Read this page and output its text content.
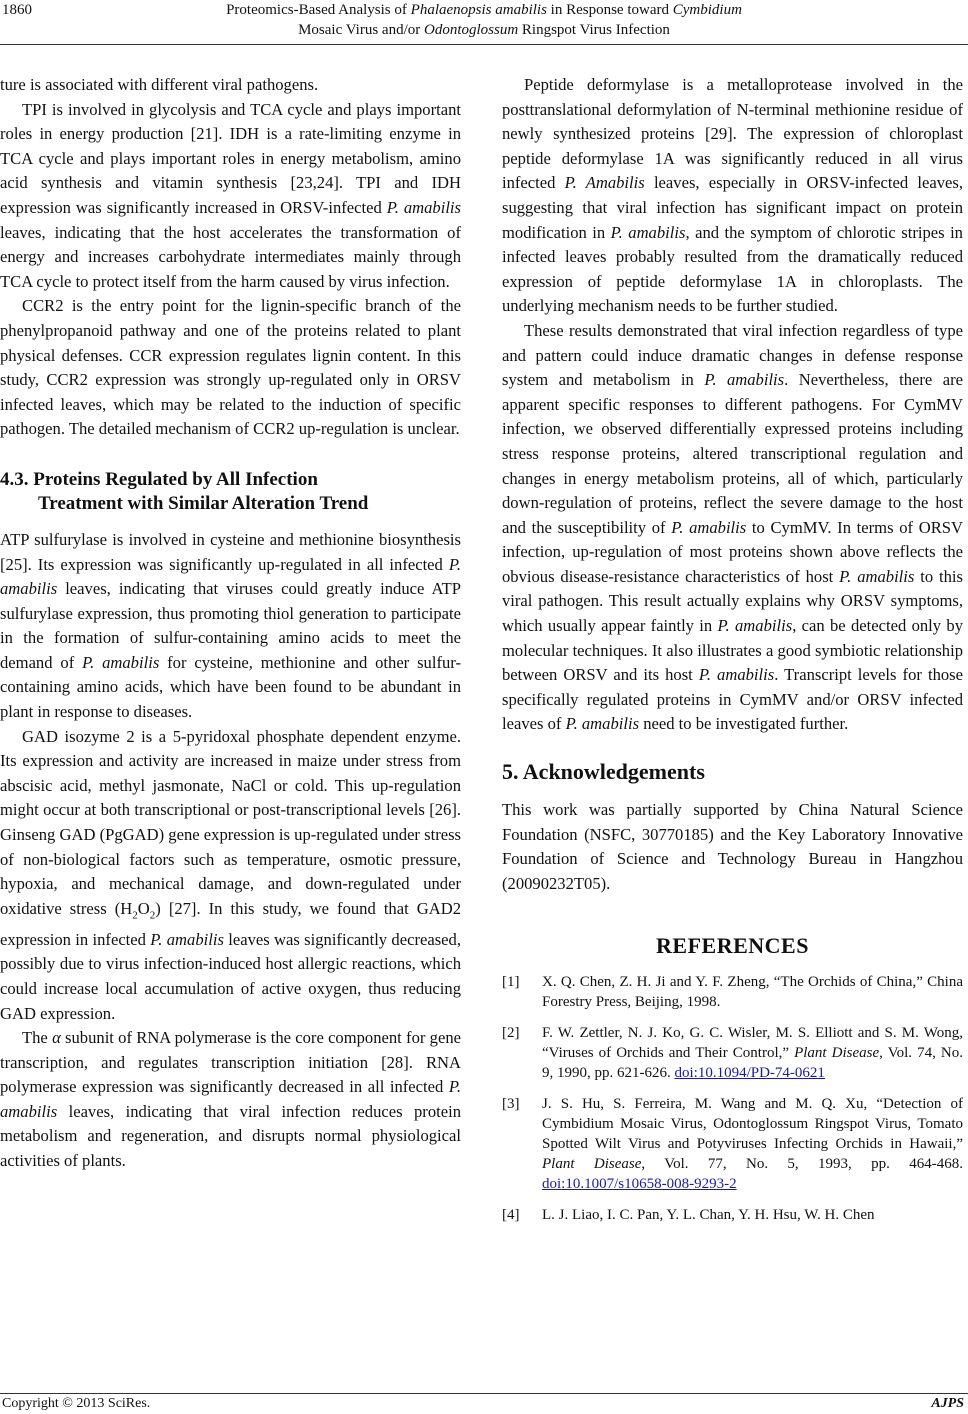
1860	Proteomics-Based Analysis of Phalaenopsis amabilis in Response toward Cymbidium
Mosaic Virus and/or Odontoglossum Ringspot Virus Infection

ture is associated with different viral pathogens.

TPI is involved in glycolysis and TCA cycle and plays important roles in energy production [21]. IDH is a rate-limiting enzyme in TCA cycle and plays important roles in energy metabolism, amino acid synthesis and vitamin synthesis [23,24]. TPI and IDH expression was significantly increased in ORSV-infected P. amabilis leaves, indicating that the host accelerates the transformation of energy and increases carbohydrate intermediates mainly through TCA cycle to protect itself from the harm caused by virus infection.

CCR2 is the entry point for the lignin-specific branch of the phenylpropanoid pathway and one of the proteins related to plant physical defenses. CCR expression regulates lignin content. In this study, CCR2 expression was strongly up-regulated only in ORSV infected leaves, which may be related to the induction of specific pathogen. The detailed mechanism of CCR2 up-regulation is unclear.

4.3. Proteins Regulated by All Infection
Treatment with Similar Alteration Trend

ATP sulfurylase is involved in cysteine and methionine biosynthesis [25]. Its expression was significantly up-regulated in all infected P. amabilis leaves, indicating that viruses could greatly induce ATP sulfurylase expression, thus promoting thiol generation to participate in the formation of sulfur-containing amino acids to meet the demand of P. amabilis for cysteine, methionine and other sulfur-containing amino acids, which have been found to be abundant in plant in response to diseases.

GAD isozyme 2 is a 5-pyridoxal phosphate dependent enzyme. Its expression and activity are increased in maize under stress from abscisic acid, methyl jasmonate, NaCl or cold. This up-regulation might occur at both transcriptional or post-transcriptional levels [26]. Ginseng GAD (PgGAD) gene expression is up-regulated under stress of non-biological factors such as temperature, osmotic pressure, hypoxia, and mechanical damage, and down-regulated under oxidative stress $(H_2O_2)$ [27]. In this study, we found that GAD2 expression in infected P. amabilis leaves was significantly decreased, possibly due to virus infection-induced host allergic reactions, which could increase local accumulation of active oxygen, thus reducing GAD expression.

The α subunit of RNA polymerase is the core component for gene transcription, and regulates transcription initiation [28]. RNA polymerase expression was significantly decreased in all infected P. amabilis leaves, indicating that viral infection reduces protein metabolism and regeneration, and disrupts normal physiological activities of plants.

Peptide deformylase is a metalloprotease involved in the posttranslational deformylation of N-terminal methionine residue of newly synthesized proteins [29]. The expression of chloroplast peptide deformylase 1A was significantly reduced in all virus infected P. Amabilis leaves, especially in ORSV-infected leaves, suggesting that viral infection has significant impact on protein modification in P. amabilis, and the symptom of chlorotic stripes in infected leaves probably resulted from the dramatically reduced expression of peptide deformylase 1A in chloroplasts. The underlying mechanism needs to be further studied.

These results demonstrated that viral infection regardless of type and pattern could induce dramatic changes in defense response system and metabolism in P. amabilis. Nevertheless, there are apparent specific responses to different pathogens. For CymMV infection, we observed differentially expressed proteins including stress response proteins, altered transcriptional regulation and changes in energy metabolism proteins, all of which, particularly down-regulation of proteins, reflect the severe damage to the host and the susceptibility of P. amabilis to CymMV. In terms of ORSV infection, up-regulation of most proteins shown above reflects the obvious disease-resistance characteristics of host P. amabilis to this viral pathogen. This result actually explains why ORSV symptoms, which usually appear faintly in P. amabilis, can be detected only by molecular techniques. It also illustrates a good symbiotic relationship between ORSV and its host P. amabilis. Transcript levels for those specifically regulated proteins in CymMV and/or ORSV infected leaves of P. amabilis need to be investigated further.

5. Acknowledgements

This work was partially supported by China Natural Science Foundation (NSFC, 30770185) and the Key Laboratory Innovative Foundation of Science and Technology Bureau in Hangzhou (20090232T05).

REFERENCES
[1] X. Q. Chen, Z. H. Ji and Y. F. Zheng, “The Orchids of China,” China Forestry Press, Beijing, 1998.
[2] F. W. Zettler, N. J. Ko, G. C. Wisler, M. S. Elliott and S. M. Wong, “Viruses of Orchids and Their Control,” Plant Disease, Vol. 74, No. 9, 1990, pp. 621-626. doi:10.1094/PD-74-0621
[3] J. S. Hu, S. Ferreira, M. Wang and M. Q. Xu, “Detection of Cymbidium Mosaic Virus, Odontoglossum Ringspot Virus, Tomato Spotted Wilt Virus and Potyviruses Infecting Orchids in Hawaii,” Plant Disease, Vol. 77, No. 5, 1993, pp. 464-468. doi:10.1007/s10658-008-9293-2
[4] L. J. Liao, I. C. Pan, Y. L. Chan, Y. H. Hsu, W. H. Chen
Copyright © 2013 SciRes.	AJPS
